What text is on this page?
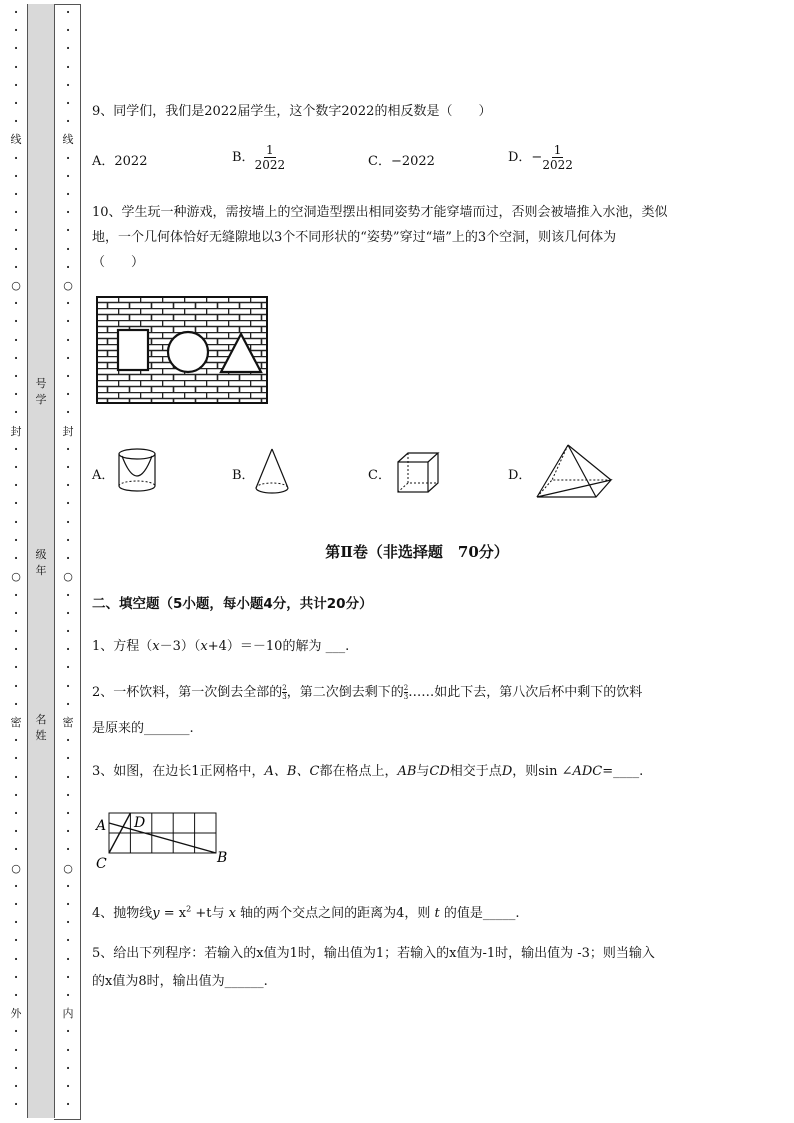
·
·
·
·
·
·
·
线
·
·
·
·
·
·
·
○
·
·
·
·
·
·
·
封
·
·
·
·
·
·
·
○
·
·
·
·
·
·
·
密
·
·
·
·
·
·
·
○
·
·
·
·
·
·
·
外
·
·
·
·
·
号
学
级
年
名
姓
·
·
·
·
·
·
·
线
·
·
·
·
·
·
·
○
·
·
·
·
·
·
·
封
·
·
·
·
·
·
·
○
·
·
·
·
·
·
·
密
·
·
·
·
·
·
·
○
·
·
·
·
·
·
·
内
·
·
·
·
·
9、同学们，我们是2022届学生，这个数字2022的相反数是（　　）
A．2022	B． $\frac{1}{2022}$	C．−2022	D．− $\frac{1}{2022}$
10、学生玩一种游戏，需按墙上的空洞造型摆出相同姿势才能穿墙而过，否则会被墙推入水池，类似
地，一个几何体恰好无缝隙地以3个不同形状的“姿势”穿过“墙”上的3个空洞，则该几何体为
（　　）
A．	B．	C．	D．
第Ⅱ卷（非选择题　70分）
二、填空题（5小题，每小题4分，共计20分）
1、方程（x－3）（x+4）＝－10的解为 ___.
2、一杯饮料，第一次倒去全部的 $\frac{2}{3}$ ，第二次倒去剩下的 $\frac{2}{3}$ ……如此下去，第八次后杯中剩下的饮料
是原来的_______.
3、如图，在边长1正网格中，A、B、C都在格点上，AB与CD相交于点D，则sin ∠ADC=____.
A D
C	B
4、抛物线$y = x^2 +t$与 x 轴的两个交点之间的距离为4，则 t 的值是_____.
5、给出下列程序：若输入的x值为1时，输出值为1；若输入的x值为-1时，输出值为 -3；则当输入
的x值为8时，输出值为______.
